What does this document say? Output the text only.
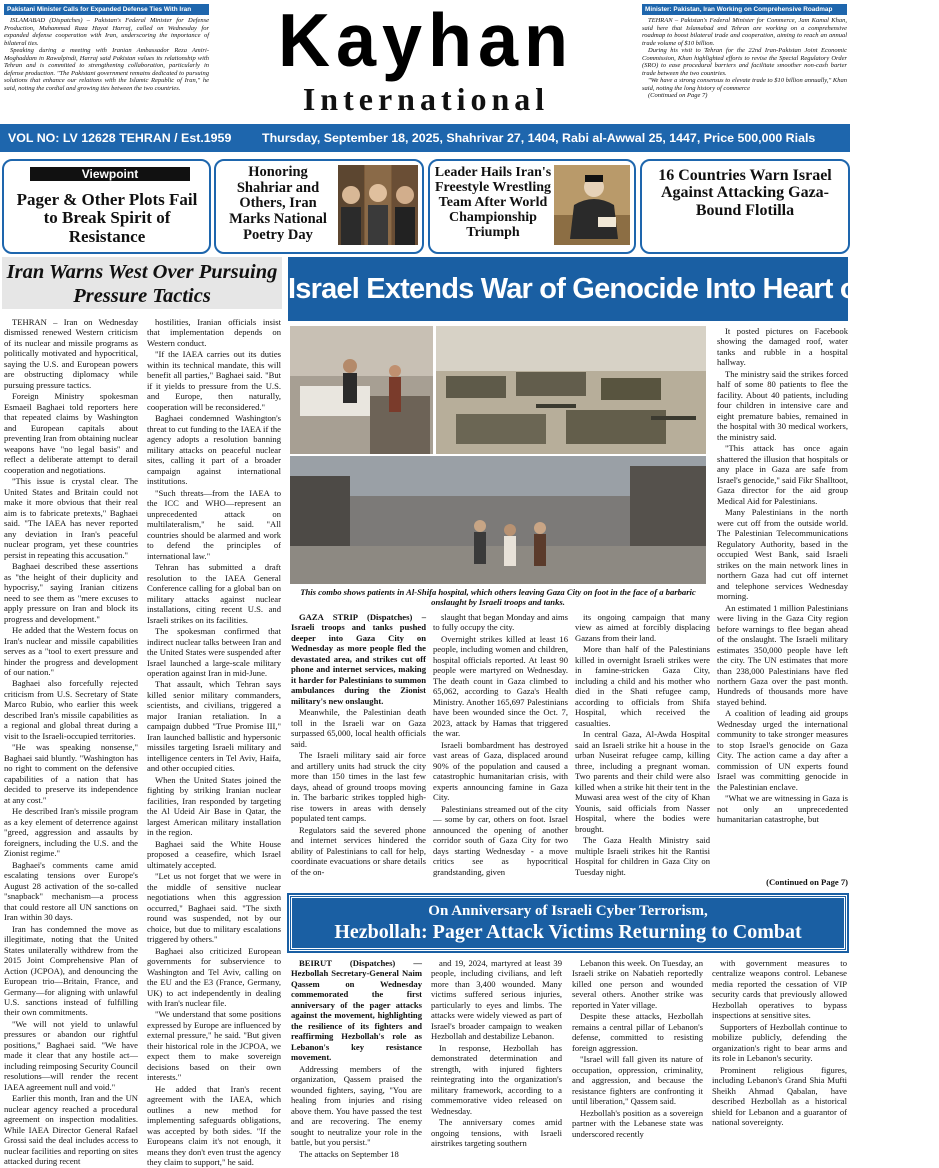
Pakistani Minister Calls for Expanded Defense Ties With Iran

ISLAMABAD (Dispatches) – Pakistan's Federal Minister for Defense Production, Muhammad Raza Hayat Harraj, called on Wednesday for expanded defense cooperation with Iran, underscoring the importance of bilateral ties.

Speaking during a meeting with Iranian Ambassador Reza Amiri-Moghaddam in Rawalpindi, Harraj said Pakistan values its relationship with Tehran and is committed to strengthening collaboration, particularly in defense production. "The Pakistani government remains dedicated to pursuing solutions that enhance our relations with the Islamic Republic of Iran," he said, noting the cordial and growing ties between the two countries.

Minister: Pakistan, Iran Working on Comprehensive Roadmap

TEHRAN – Pakistan's Federal Minister for Commerce, Jam Kamal Khan, said here that Islamabad and Tehran are working on a comprehensive roadmap to boost bilateral trade and cooperation, aiming to reach an annual trade volume of $10 billion.

During his visit to Tehran for the 22nd Iran-Pakistan Joint Economic Commission, Khan highlighted efforts to revise the Special Regulatory Order (SRO) to ease procedural barriers and facilitate smoother non-cash barter trade between the two countries.

"We have a strong consensus to elevate trade to $10 billion annually," Khan said, noting the long history of commerce

(Continued on Page 7)

Kayhan
International
VOL NO: LV 12628 TEHRAN / Est.1959 Thursday, September 18, 2025, Shahrivar 27, 1404, Rabi al-Awwal 25, 1447, Price 500,000 Rials
Viewpoint
Pager & Other Plots Fail to Break Spirit of Resistance
Honoring Shahriar and Others, Iran Marks National Poetry Day
Leader Hails Iran's Freestyle Wrestling Team After World Championship Triumph
16 Countries Warn Israel Against Attacking Gaza-Bound Flotilla
Iran Warns West Over Pursuing Pressure Tactics

TEHRAN – Iran on Wednesday dismissed renewed Western criticism of its nuclear and missile programs as politically motivated and hypocritical, saying the U.S. and European powers are obstructing diplomacy while pursuing pressure tactics.

Foreign Ministry spokesman Esmaeil Baghaei told reporters here that repeated claims by Washington and European capitals about preventing Iran from obtaining nuclear weapons have "no legal basis" and reflect a deliberate attempt to derail cooperation and negotiations.

"This issue is crystal clear. The United States and Britain could not make it more obvious that their real aim is to fabricate pretexts," Baghaei said. "The IAEA has never reported any deviation in Iran's peaceful nuclear program, yet these countries persist in repeating this accusation."

Baghaei described these assertions as "the height of their duplicity and hypocrisy," saying Iranian citizens need to see them as "mere excuses to apply pressure on Iran and block its progress and development."

He added that the Western focus on Iran's nuclear and missile capabilities serves as a "tool to exert pressure and hinder the progress and development of our nation."

Baghaei also forcefully rejected criticism from U.S. Secretary of State Marco Rubio, who earlier this week described Iran's missile capabilities as a regional and global threat during a visit to the Israeli-occupied territories.

"He was speaking nonsense," Baghaei said bluntly. "Washington has no right to comment on the defensive capabilities of a nation that has decided to preserve its independence at any cost."

He described Iran's missile program as a key element of deterrence against "greed, aggression and assaults by foreigners, including the U.S. and the Zionist regime."

Baghaei's comments came amid escalating tensions over Europe's August 28 activation of the so-called "snapback" mechanism—a process that could restore all UN sanctions on Iran within 30 days.

Iran has condemned the move as illegitimate, noting that the United States unilaterally withdrew from the 2015 Joint Comprehensive Plan of Action (JCPOA), and denouncing the European trio—Britain, France, and Germany—for aligning with unlawful U.S. sanctions instead of fulfilling their own commitments.

"We will not yield to unlawful pressures or abandon our rightful positions," Baghaei said. "We have made it clear that any hostile act—including reimposing Security Council resolutions—will render the recent IAEA agreement null and void."

Earlier this month, Iran and the UN nuclear agency reached a procedural agreement on inspection modalities. While IAEA Director General Rafael Grossi said the deal includes access to nuclear facilities and reporting on sites attacked during recent

hostilities, Iranian officials insist that implementation depends on Western conduct.

"If the IAEA carries out its duties within its technical mandate, this will benefit all parties," Baghaei said. "But if it yields to pressure from the U.S. and Europe, then naturally, cooperation will be reconsidered."

Baghaei condemned Washington's threat to cut funding to the IAEA if the agency adopts a resolution banning military attacks on peaceful nuclear sites, calling it part of a broader campaign against international institutions.

"Such threats—from the IAEA to the ICC and WHO—represent an unprecedented attack on multilateralism," he said. "All countries should be alarmed and work to defend the principles of international law."

Tehran has submitted a draft resolution to the IAEA General Conference calling for a global ban on military attacks against nuclear installations, citing recent U.S. and Israeli strikes on its facilities.

The spokesman confirmed that indirect nuclear talks between Iran and the United States were suspended after Israel launched a large-scale military operation against Iran in mid-June.

That assault, which Tehran says killed senior military commanders, scientists, and civilians, triggered a major Iranian retaliation. In a campaign dubbed "True Promise III," Iran launched ballistic and hypersonic missiles targeting Israeli military and intelligence centers in Tel Aviv, Haifa, and other occupied cities.

When the United States joined the fighting by striking Iranian nuclear facilities, Iran responded by targeting the Al Udeid Air Base in Qatar, the largest American military installation in the region.

Baghaei said the White House proposed a ceasefire, which Israel ultimately accepted.

"Let us not forget that we were in the middle of sensitive nuclear negotiations when this aggression occurred," Baghaei said. "The sixth round was suspended, not by our choice, but due to military escalations triggered by others."

Baghaei also criticized European governments for subservience to Washington and Tel Aviv, calling on the EU and the E3 (France, Germany, UK) to act independently in dealing with Iran's nuclear file.

"We understand that some positions expressed by Europe are influenced by external pressure," he said. "But given their historical role in the JCPOA, we expect them to make sovereign decisions based on their own interests."

He added that Iran's recent agreement with the IAEA, which outlines a new method for implementing safeguards obligations, was accepted by both sides. "If the Europeans claim it's not enough, it means they don't even trust the agency they claim to support," he said.

Israel Extends War of Genocide Into Heart of Gaza
This combo shows patients in Al-Shifa hospital, which others leaving Gaza City on foot in the face of a barbaric onslaught by Israeli troops and tanks.

It posted pictures on Facebook showing the damaged roof, water tanks and rubble in a hospital hallway.

The ministry said the strikes forced half of some 80 patients to flee the facility. About 40 patients, including four children in intensive care and eight premature babies, remained in the hospital with 30 medical workers, the ministry said.

"This attack has once again shattered the illusion that hospitals or any place in Gaza are safe from Israel's genocide," said Fikr Shalltoot, Gaza director for the aid group Medical Aid for Palestinians.

Many Palestinians in the north were cut off from the outside world. The Palestinian Telecommunications Regulatory Authority, based in the occupied West Bank, said Israeli strikes on the main network lines in northern Gaza had cut off internet and telephone services Wednesday morning.

An estimated 1 million Palestinians were living in the Gaza City region before warnings to flee began ahead of the onslaught. The Israeli military estimates 350,000 people have left the city. The UN estimates that more than 238,000 Palestinians have fled northern Gaza over the past month. Hundreds of thousands more have stayed behind.

A coalition of leading aid groups Wednesday urged the international community to take stronger measures to stop Israel's genocide on Gaza City. The action came a day after a commission of UN experts found Israel was committing genocide in the Palestinian enclave.

"What we are witnessing in Gaza is not only an unprecedented humanitarian catastrophe, but

(Continued on Page 7)

GAZA STRIP (Dispatches) – Israeli troops and tanks pushed deeper into Gaza City on Wednesday as more people fled the devastated area, and strikes cut off phone and internet services, making it harder for Palestinians to summon ambulances during the Zionist military's new onslaught.

Meanwhile, the Palestinian death toll in the Israeli war on Gaza surpassed 65,000, local health officials said.

The Israeli military said air force and artillery units had struck the city more than 150 times in the last few days, ahead of ground troops moving in. The barbaric strikes toppled high-rise towers in areas with densely populated tent camps.

Regulators said the severed phone and internet services hindered the ability of Palestinians to call for help, coordinate evacuations or share details of the on-

slaught that began Monday and aims to fully occupy the city.

Overnight strikes killed at least 16 people, including women and children, hospital officials reported. At least 90 people were martyred on Wednesday. The death count in Gaza climbed to 65,062, according to Gaza's Health Ministry. Another 165,697 Palestinians have been wounded since the Oct. 7, 2023, attack by Hamas that triggered the war.

Israeli bombardment has destroyed vast areas of Gaza, displaced around 90% of the population and caused a catastrophic humanitarian crisis, with experts announcing famine in Gaza City.

Palestinians streamed out of the city — some by car, others on foot. Israel announced the opening of another corridor south of Gaza City for two days starting Wednesday - a move critics see as hypocritical grandstanding, given

its ongoing campaign that many view as aimed at forcibly displacing Gazans from their land.

More than half of the Palestinians killed in overnight Israeli strikes were in famine-stricken Gaza City, including a child and his mother who died in the Shati refugee camp, according to officials from Shifa Hospital, which received the casualties.

In central Gaza, Al-Awda Hospital said an Israeli strike hit a house in the urban Nuseirat refugee camp, killing three, including a pregnant woman. Two parents and their child were also killed when a strike hit their tent in the Muwasi area west of the city of Khan Younis, said officials from Nasser Hospital, where the bodies were brought.

The Gaza Health Ministry said multiple Israeli strikes hit the Rantisi Hospital for children in Gaza City on Tuesday night.

On Anniversary of Israeli Cyber Terrorism,
Hezbollah: Pager Attack Victims Returning to Combat

BEIRUT (Dispatches) — Hezbollah Secretary-General Naim Qassem on Wednesday commemorated the first anniversary of the pager attacks against the movement, highlighting the resilience of its fighters and reaffirming Hezbollah's role as Lebanon's key resistance movement.

Addressing members of the organization, Qassem praised the wounded fighters, saying, "You are healing from injuries and rising above them. You have passed the test and are recovering. The enemy sought to neutralize your role in the battle, but you persist."

The attacks on September 18

and 19, 2024, martyred at least 39 people, including civilians, and left more than 3,400 wounded. Many victims suffered serious injuries, particularly to eyes and limbs. The attacks were widely viewed as part of Israel's broader campaign to weaken Hezbollah and destabilize Lebanon.

In response, Hezbollah has demonstrated determination and strength, with injured fighters reintegrating into the organization's military framework, according to a commemorative video released on Wednesday.

The anniversary comes amid ongoing tensions, with Israeli airstrikes targeting southern

Lebanon this week. On Tuesday, an Israeli strike on Nabatieh reportedly killed one person and wounded several others. Another strike was reported in Yater village.

Despite these attacks, Hezbollah remains a central pillar of Lebanon's defense, committed to resisting foreign aggression.

"Israel will fall given its nature of occupation, oppression, criminality, and aggression, and because the resistance fighters are confronting it until liberation," Qassem said.

Hezbollah's position as a sovereign partner with the Lebanese state was underscored recently

with government measures to centralize weapons control. Lebanese media reported the cessation of VIP security cards that previously allowed Hezbollah operatives to bypass inspections at sensitive sites.

Supporters of Hezbollah continue to mobilize publicly, defending the organization's right to bear arms and its role in Lebanon's security.

Prominent religious figures, including Lebanon's Grand Shia Mufti Sheikh Ahmad Qabalan, have described Hezbollah as a historical shield for Lebanon and a guarantor of national sovereignty.
